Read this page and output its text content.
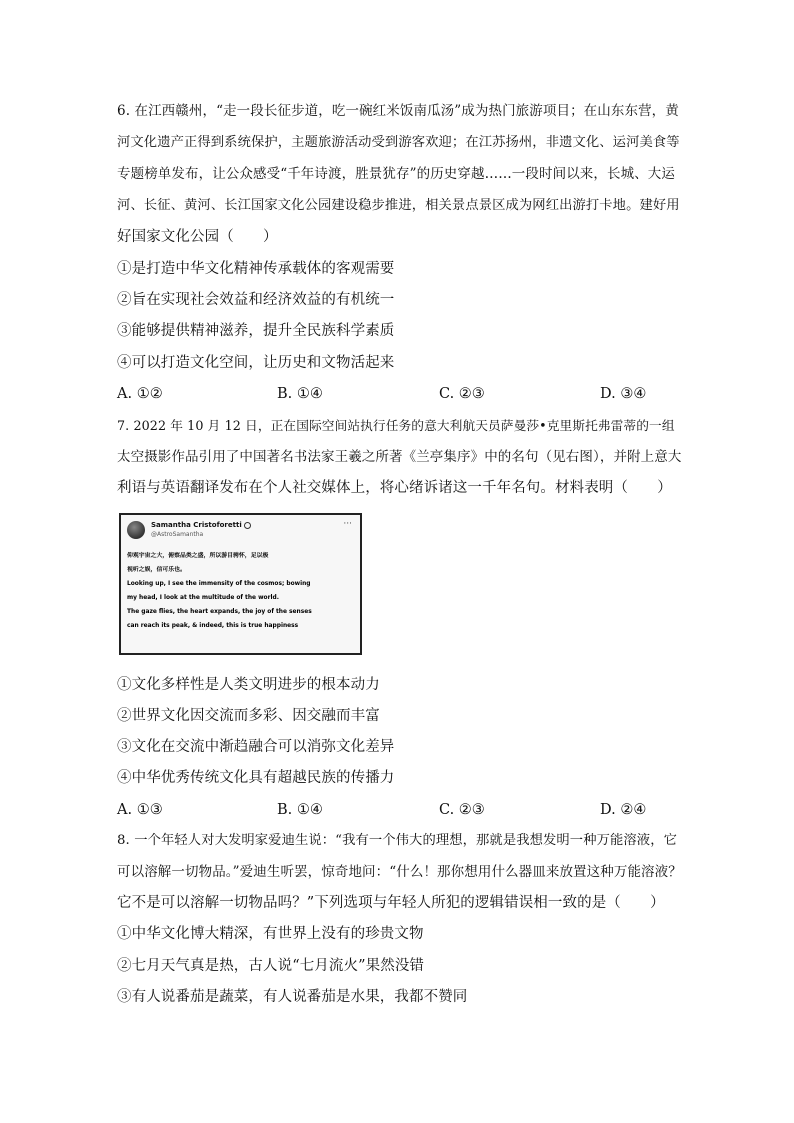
6. 在江西赣州，“走一段长征步道，吃一碗红米饭南瓜汤”成为热门旅游项目；在山东东营，黄
河文化遗产正得到系统保护，主题旅游活动受到游客欢迎；在江苏扬州，非遗文化、运河美食等
专题榜单发布，让公众感受“千年诗渡，胜景犹存”的历史穿越……一段时间以来，长城、大运
河、长征、黄河、长江国家文化公园建设稳步推进，相关景点景区成为网红出游打卡地。建好用
好国家文化公园（　　）
①是打造中华文化精神传承载体的客观需要
②旨在实现社会效益和经济效益的有机统一
③能够提供精神滋养，提升全民族科学素质
④可以打造文化空间，让历史和文物活起来
A. ①②	B. ①④	C. ②③	D. ③④
7. 2022 年 10 月 12 日，正在国际空间站执行任务的意大利航天员萨曼莎•克里斯托弗雷蒂的一组
太空摄影作品引用了中国著名书法家王羲之所著《兰亭集序》中的名句（见右图），并附上意大
利语与英语翻译发布在个人社交媒体上，将心绪诉诸这一千年名句。材料表明（　　）
Samantha Cristoforetti
@AstroSamantha
···
仰观宇宙之大，俯察品类之盛，所以游目骋怀，足以极
视听之娱，信可乐也。
Looking up, I see the immensity of the cosmos; bowing
my head, I look at the multitude of the world.
The gaze flies, the heart expands, the joy of the senses
can reach its peak, & indeed, this is true happiness
①文化多样性是人类文明进步的根本动力
②世界文化因交流而多彩、因交融而丰富
③文化在交流中渐趋融合可以消弥文化差异
④中华优秀传统文化具有超越民族的传播力
A. ①③	B. ①④	C. ②③	D. ②④
8. 一个年轻人对大发明家爱迪生说：“我有一个伟大的理想，那就是我想发明一种万能溶液，它
可以溶解一切物品。”爱迪生听罢，惊奇地问：“什么！那你想用什么器皿来放置这种万能溶液？
它不是可以溶解一切物品吗？”下列选项与年轻人所犯的逻辑错误相一致的是（　　）
①中华文化博大精深，有世界上没有的珍贵文物
②七月天气真是热，古人说“七月流火”果然没错
③有人说番茄是蔬菜，有人说番茄是水果，我都不赞同
